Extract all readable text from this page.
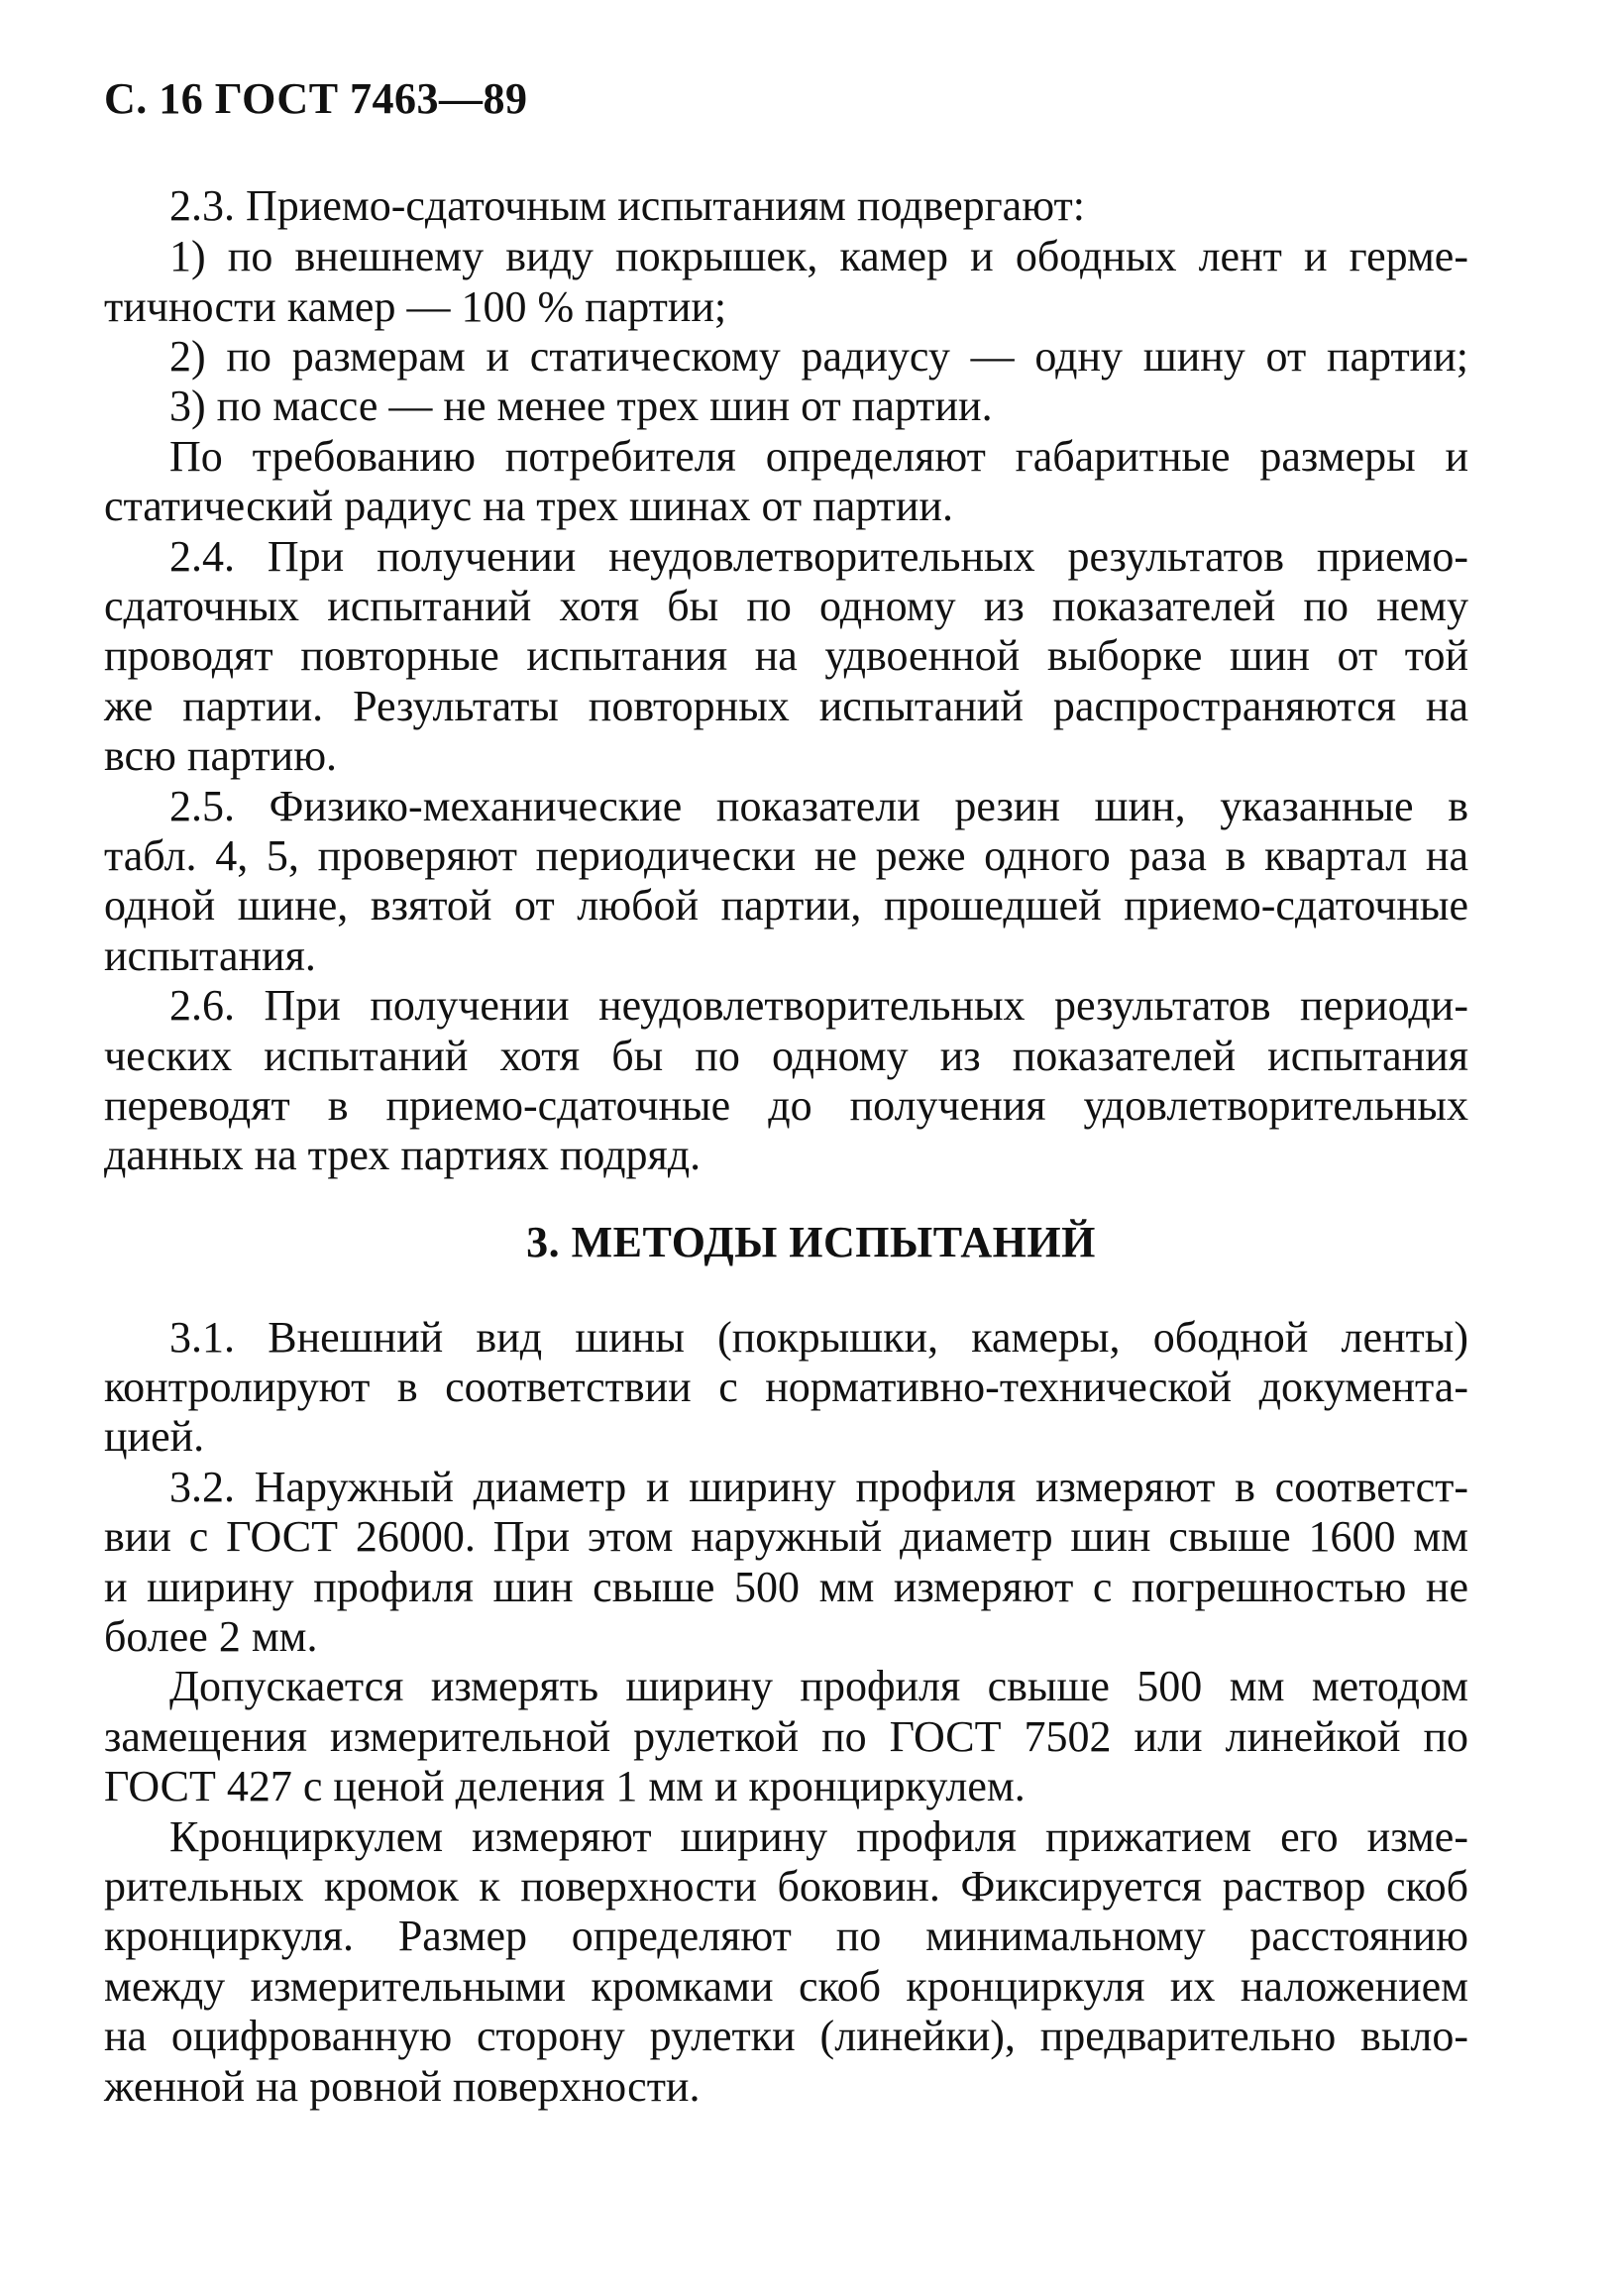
С. 16 ГОСТ 7463—89
2.3. Приемо-сдаточным испытаниям подвергают:
1) по внешнему виду покрышек, камер и ободных лент и герме-
тичности камер — 100 % партии;
2) по размерам и статическому радиусу — одну шину от партии;
3) по массе — не менее трех шин от партии.
По требованию потребителя определяют габаритные размеры и
статический радиус на трех шинах от партии.
2.4. При получении неудовлетворительных результатов приемо-
сдаточных испытаний хотя бы по одному из показателей по нему
проводят повторные испытания на удвоенной выборке шин от той
же партии. Результаты повторных испытаний распространяются на
всю партию.
2.5. Физико-механические показатели резин шин, указанные в
табл. 4, 5, проверяют периодически не реже одного раза в квартал на
одной шине, взятой от любой партии, прошедшей приемо-сдаточные
испытания.
2.6. При получении неудовлетворительных результатов периоди-
ческих испытаний хотя бы по одному из показателей испытания
переводят в приемо-сдаточные до получения удовлетворительных
данных на трех партиях подряд.
3. МЕТОДЫ ИСПЫТАНИЙ
3.1. Внешний вид шины (покрышки, камеры, ободной ленты)
контролируют в соответствии с нормативно-технической документа-
цией.
3.2. Наружный диаметр и ширину профиля измеряют в соответст-
вии с ГОСТ 26000. При этом наружный диаметр шин свыше 1600 мм
и ширину профиля шин свыше 500 мм измеряют с погрешностью не
более 2 мм.
Допускается измерять ширину профиля свыше 500 мм методом
замещения измерительной рулеткой по ГОСТ 7502 или линейкой по
ГОСТ 427 с ценой деления 1 мм и кронциркулем.
Кронциркулем измеряют ширину профиля прижатием его изме-
рительных кромок к поверхности боковин. Фиксируется раствор скоб
кронциркуля. Размер определяют по минимальному расстоянию
между измерительными кромками скоб кронциркуля их наложением
на оцифрованную сторону рулетки (линейки), предварительно выло-
женной на ровной поверхности.
